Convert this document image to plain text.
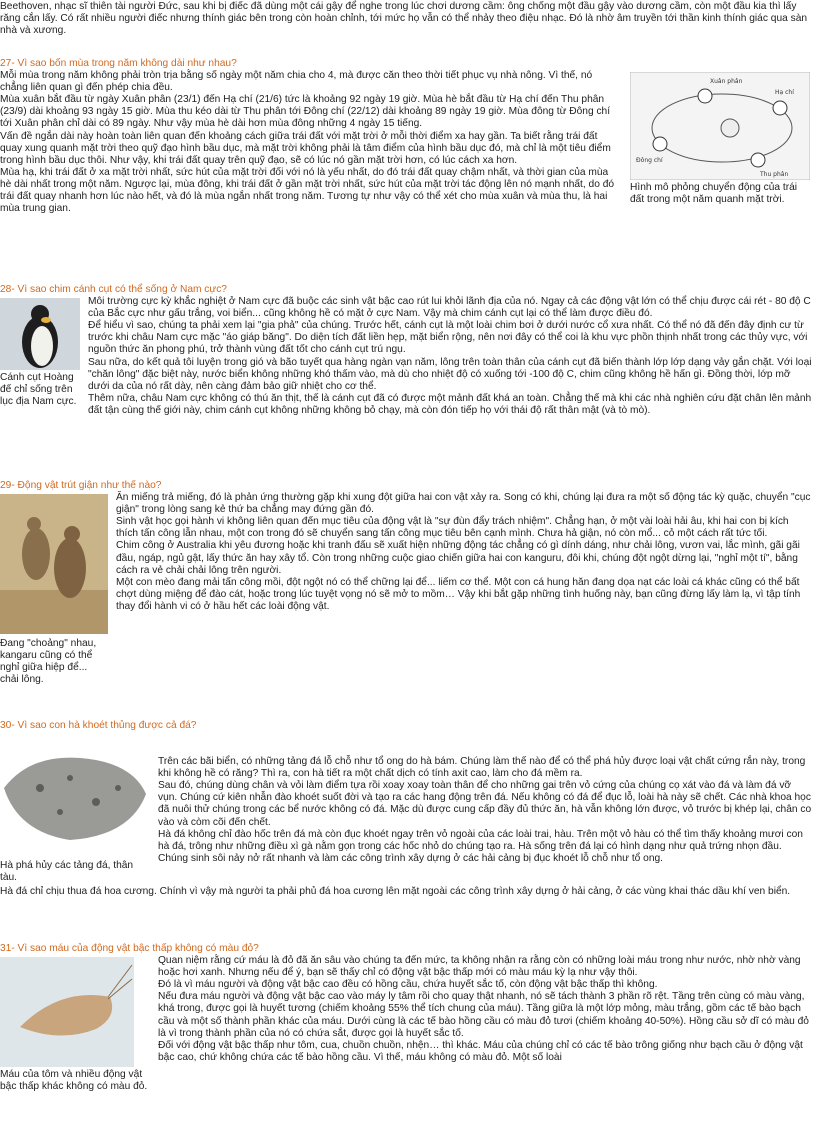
Beethoven, nhạc sĩ thiên tài người Đức, sau khi bị điếc đã dùng một cái gậy để nghe trong lúc chơi dương cầm: ông chống một đầu gậy vào dương cầm, còn một đầu kia thì lấy răng cắn lấy. Có rất nhiều người điếc nhưng thính giác bên trong còn hoàn chỉnh, tới mức họ vẫn có thể nhảy theo điệu nhạc. Đó là nhờ âm truyền tới thần kinh thính giác qua sàn nhà và xương.

27- Vì sao bốn mùa trong năm không dài như nhau?

Xuân phân
Hạ chí
Thu phân
Đông chí

Hình mô phỏng chuyển động của trái đất trong một năm quanh mặt trời.

Mỗi mùa trong năm không phải tròn trịa bằng số ngày một năm chia cho 4, mà được căn theo thời tiết phục vụ nhà nông. Vì thế, nó chẳng liên quan gì đến phép chia đều.

Mùa xuân bắt đầu từ ngày Xuân phân (23/1) đến Hạ chí (21/6) tức là khoảng 92 ngày 19 giờ. Mùa hè bắt đầu từ Hạ chí đến Thu phân (23/9) dài khoảng 93 ngày 15 giờ. Mùa thu kéo dài từ Thu phân tới Đông chí (22/12) dài khoảng 89 ngày 19 giờ. Mùa đông từ Đông chí tới Xuân phân chỉ dài có 89 ngày. Như vậy mùa hè dài hơn mùa đông những 4 ngày 15 tiếng.

Vấn đề ngắn dài này hoàn toàn liên quan đến khoảng cách giữa trái đất với mặt trời ở mỗi thời điểm xa hay gần. Ta biết rằng trái đất quay xung quanh mặt trời theo quỹ đạo hình bầu dục, mà mặt trời không phải là tâm điểm của hình bầu dục đó, mà chỉ là một tiêu điểm trong hình bầu dục thôi. Như vậy, khi trái đất quay trên quỹ đạo, sẽ có lúc nó gần mặt trời hơn, có lúc cách xa hơn.

Mùa hạ, khi trái đất ở xa mặt trời nhất, sức hút của mặt trời đối với nó là yếu nhất, do đó trái đất quay chậm nhất, và thời gian của mùa hè dài nhất trong một năm. Ngược lại, mùa đông, khi trái đất ở gần mặt trời nhất, sức hút của mặt trời tác động lên nó mạnh nhất, do đó trái đất quay nhanh hơn lúc nào hết, và đó là mùa ngắn nhất trong năm. Tương tự như vậy có thể xét cho mùa xuân và mùa thu, là hai mùa trung gian.

28- Vì sao chim cánh cụt có thể sống ở Nam cực?

Cánh cụt Hoàng đế chỉ sống trên lục địa Nam cực.

Môi trường cực kỳ khắc nghiệt ở Nam cực đã buộc các sinh vật bậc cao rút lui khỏi lãnh địa của nó. Ngay cả các động vật lớn có thể chịu được cái rét - 80 độ C của Bắc cực như gấu trắng, voi biển... cũng không hề có mặt ở cực Nam. Vậy mà chim cánh cụt lại có thể làm được điều đó.

Để hiểu vì sao, chúng ta phải xem lại "gia phả" của chúng. Trước hết, cánh cụt là một loài chim bơi ở dưới nước cổ xưa nhất. Có thể nó đã đến đây định cư từ trước khi châu Nam cực mặc "áo giáp băng". Do diện tích đất liền hẹp, mặt biển rộng, nên nơi đây có thể coi là khu vực phồn thịnh nhất trong các thủy vực, với nguồn thức ăn phong phú, trở thành vùng đất tốt cho cánh cụt trú ngụ.

Sau nữa, do kết quả tôi luyện trong gió và bão tuyết qua hàng ngàn vạn năm, lông trên toàn thân của cánh cụt đã biến thành lớp lớp dạng vảy gắn chặt. Với loại "chăn lông" đặc biệt này, nước biển không những khó thấm vào, mà dù cho nhiệt độ có xuống tới -100 độ C, chim cũng không hề hấn gì. Đồng thời, lớp mỡ dưới da của nó rất dày, nên càng đảm bảo giữ nhiệt cho cơ thể.

Thêm nữa, châu Nam cực không có thú ăn thịt, thế là cánh cụt đã có được một mảnh đất khá an toàn. Chẳng thế mà khi các nhà nghiên cứu đặt chân lên mảnh đất tận cùng thế giới này, chim cánh cụt không những không bỏ chạy, mà còn đón tiếp họ với thái độ rất thân mật (và tò mò).

29- Động vật trút giận như thế nào?

Đang "choảng" nhau, kangaru cũng có thể nghỉ giữa hiệp để... chải lông.

Ăn miếng trả miếng, đó là phản ứng thường gặp khi xung đột giữa hai con vật xảy ra. Song có khi, chúng lại đưa ra một số động tác kỳ quặc, chuyển "cục giận" trong lòng sang kẻ thứ ba chẳng may đứng gần đó.

Sinh vật học gọi hành vi không liên quan đến mục tiêu của động vật là "sự đùn đẩy trách nhiệm". Chẳng hạn, ở một vài loài hải âu, khi hai con bị kích thích tấn công lẫn nhau, một con trong đó sẽ chuyển sang tấn công mục tiêu bên cạnh mình. Chưa hả giận, nó còn mổ... cỏ một cách rất tức tối.

Chim công ở Australia khi yêu đương hoặc khi tranh đấu sẽ xuất hiện những động tác chẳng có gì dính dáng, như chải lông, vươn vai, lắc mình, gãi gãi đầu, ngáp, ngủ gật, lấy thức ăn hay xây tổ. Còn trong những cuộc giao chiến giữa hai con kanguru, đôi khi, chúng đột ngột dừng lại, "nghỉ một tí", bằng cách ra vẻ chải chải lông trên người.

Một con mèo đang mải tấn công mồi, đột ngột nó có thể chững lại để... liếm cơ thể. Một con cá hung hăn đang dọa nạt các loài cá khác cũng có thể bất chợt dùng miệng để đào cát, hoặc trong lúc tuyệt vọng nó sẽ mở to mồm… Vậy khi bắt gặp những tình huống này, bạn cũng đừng lấy làm lạ, vì tập tính thay đổi hành vi có ở hầu hết các loài động vật.

30- Vì sao con hà khoét thủng được cả đá?

Hà phá hủy các tảng đá, thân tàu.

Trên các bãi biển, có những tảng đá lỗ chỗ như tổ ong do hà bám. Chúng làm thế nào để có thể phá hủy được loại vật chất cứng rắn này, trong khi không hề có răng? Thì ra, con hà tiết ra một chất dịch có tính axit cao, làm cho đá mềm ra.

Sau đó, chúng dùng chân và vỏi làm điểm tựa rồi xoay xoay toàn thân để cho những gai trên vỏ cứng của chúng cọ xát vào đá và làm đá vỡ vụn. Chúng cứ kiên nhẫn đào khoét suốt đời và tạo ra các hang động trên đá. Nếu không có đá để đục lỗ, loài hà này sẽ chết. Các nhà khoa học đã nuôi thử chúng trong các bể nước không có đá. Mặc dù được cung cấp đầy đủ thức ăn, hà vẫn không lớn được, vỏ trước bị khép lại, chân co vào và còm cõi đến chết.

Hà đá không chỉ đào hốc trên đá mà còn đục khoét ngay trên vỏ ngoài của các loài trai, hàu. Trên một vỏ hàu có thể tìm thấy khoảng mươi con hà đá, trông như những điều xì gà nằm gọn trong các hốc nhỏ do chúng tạo ra. Hà sống trên đá lại có hình dạng như quả trứng nhọn đầu. Chúng sinh sôi nảy nở rất nhanh và làm các công trình xây dựng ở các hải cảng bị đục khoét lỗ chỗ như tổ ong.

Hà đá chỉ chịu thua đá hoa cương. Chính vì vậy mà người ta phải phủ đá hoa cương lên mặt ngoài các công trình xây dựng ở hải cảng, ở các vùng khai thác dầu khí ven biển.

31- Vì sao máu của động vật bậc thấp không có màu đỏ?

Máu của tôm và nhiều động vật bậc thấp khác không có màu đỏ.

Quan niệm rằng cứ máu là đỏ đã ăn sâu vào chúng ta đến mức, ta không nhận ra rằng còn có những loài máu trong như nước, nhờ nhờ vàng hoặc hơi xanh. Nhưng nếu để ý, bạn sẽ thấy chỉ có động vật bậc thấp mới có màu máu kỳ lạ như vậy thôi.

Đó là vì máu người và động vật bậc cao đều có hồng cầu, chứa huyết sắc tố, còn động vật bậc thấp thì không.

Nếu đưa máu người và động vật bậc cao vào máy ly tâm rồi cho quay thật nhanh, nó sẽ tách thành 3 phần rõ rệt. Tầng trên cùng có màu vàng, khá trong, được gọi là huyết tương (chiếm khoảng 55% thể tích chung của máu). Tầng giữa là một lớp mỏng, màu trắng, gồm các tế bào bạch cầu và một số thành phần khác của máu. Dưới cùng là các tế bào hồng cầu có màu đỏ tươi (chiếm khoảng 40-50%). Hồng cầu sở dĩ có màu đỏ là vì trong thành phần của nó có chứa sắt, được gọi là huyết sắc tố.

Đối với động vật bậc thấp như tôm, cua, chuồn chuồn, nhện… thì khác. Máu của chúng chỉ có các tế bào trông giống như bạch cầu ở động vật bậc cao, chứ không chứa các tế bào hồng cầu. Vì thế, máu không có màu đỏ. Một số loài
